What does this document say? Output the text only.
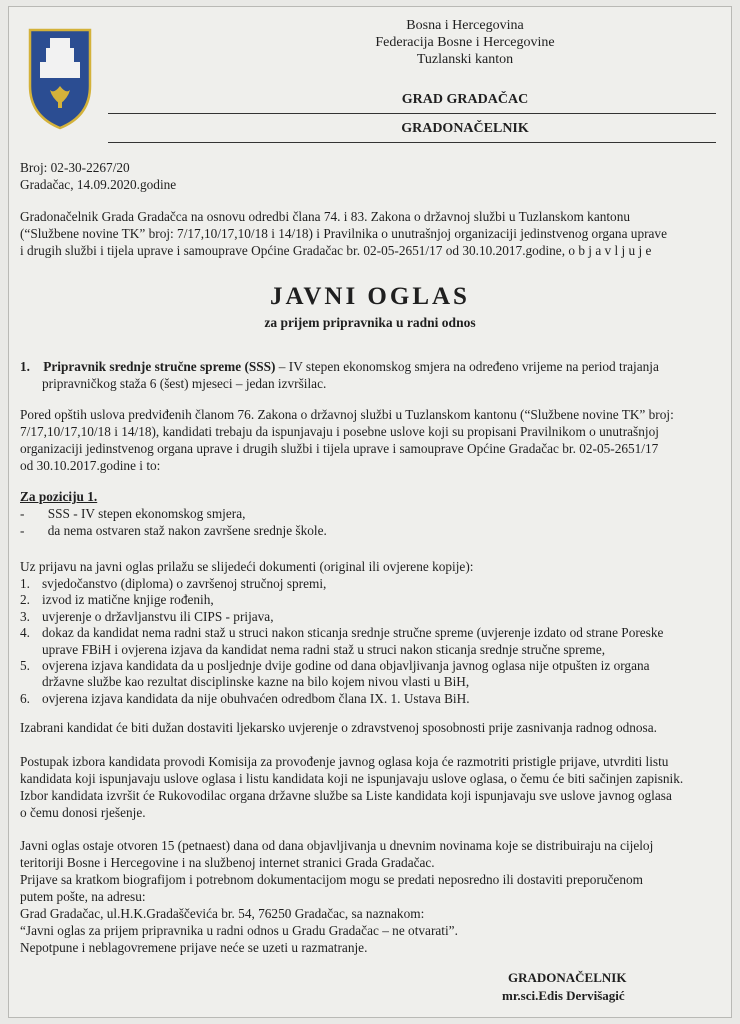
Bosna i Hercegovina
Federacija Bosne i Hercegovine
Tuzlanski kanton
GRAD GRADAČAC
GRADONAČELNIK
Broj: 02-30-2267/20
Gradačac, 14.09.2020.godine
Gradonačelnik Grada Gradačca na osnovu odredbi člana 74. i 83. Zakona o državnoj službi u Tuzlanskom kantonu
(“Službene novine TK” broj: 7/17,10/17,10/18 i 14/18) i Pravilnika o unutrašnjoj organizaciji jedinstvenog organa uprave
i drugih službi i tijela uprave i samouprave Općine Gradačac br. 02-05-2651/17 od 30.10.2017.godine, o b j a v l j u j e
JAVNI OGLAS
za prijem pripravnika u radni odnos
1. Pripravnik srednje stručne spreme (SSS) – IV stepen ekonomskog smjera na određeno vrijeme na period trajanja
pripravničkog staža 6 (šest) mjeseci – jedan izvršilac.
Pored opštih uslova predviđenih članom 76. Zakona o državnoj službi u Tuzlanskom kantonu (“Službene novine TK” broj:
7/17,10/17,10/18 i 14/18), kandidati trebaju da ispunjavaju i posebne uslove koji su propisani Pravilnikom o unutrašnjoj
organizaciji jedinstvenog organa uprave i drugih službi i tijela uprave i samouprave Općine Gradačac br. 02-05-2651/17
od 30.10.2017.godine i to:
Za poziciju 1.
-       SSS - IV stepen ekonomskog smjera,
-       da nema ostvaren staž nakon završene srednje škole.
Uz prijavu na javni oglas prilažu se slijedeći dokumenti (original ili ovjerene kopije):
1. svjedočanstvo (diploma) o završenoj stručnoj spremi,
2. izvod iz matične knjige rođenih,
3. uvjerenje o državljanstvu ili CIPS - prijava,
4. dokaz da kandidat nema radni staž u struci nakon sticanja srednje stručne spreme (uvjerenje izdato od strane Poreske
uprave FBiH i ovjerena izjava da kandidat nema radni staž u struci nakon sticanja srednje stručne spreme,
5. ovjerena izjava kandidata da u posljednje dvije godine od dana objavljivanja javnog oglasa nije otpušten iz organa
državne službe kao rezultat disciplinske kazne na bilo kojem nivou vlasti u BiH,
6. ovjerena izjava kandidata da nije obuhvaćen odredbom člana IX. 1. Ustava BiH.
Izabrani kandidat će biti dužan dostaviti ljekarsko uvjerenje o zdravstvenoj sposobnosti prije zasnivanja radnog odnosa.
Postupak izbora kandidata provodi Komisija za provođenje javnog oglasa koja će razmotriti pristigle prijave, utvrditi listu
kandidata koji ispunjavaju uslove oglasa i listu kandidata koji ne ispunjavaju uslove oglasa, o čemu će biti sačinjen zapisnik.
Izbor kandidata izvršit će Rukovodilac organa državne službe sa Liste kandidata koji ispunjavaju sve uslove javnog oglasa
o čemu donosi rješenje.
Javni oglas ostaje otvoren 15 (petnaest) dana od dana objavljivanja u dnevnim novinama koje se distribuiraju na cijeloj
teritoriji Bosne i Hercegovine i na službenoj internet stranici Grada Gradačac.
Prijave sa kratkom biografijom i potrebnom dokumentacijom mogu se predati neposredno ili dostaviti preporučenom
putem pošte, na adresu:
Grad Gradačac, ul.H.K.Gradaščevića br. 54, 76250 Gradačac, sa naznakom:
“Javni oglas za prijem pripravnika u radni odnos u Gradu Gradačac – ne otvarati”.
Nepotpune i neblagovremene prijave neće se uzeti u razmatranje.
GRADONAČELNIK
mr.sci.Edis Dervišagić
